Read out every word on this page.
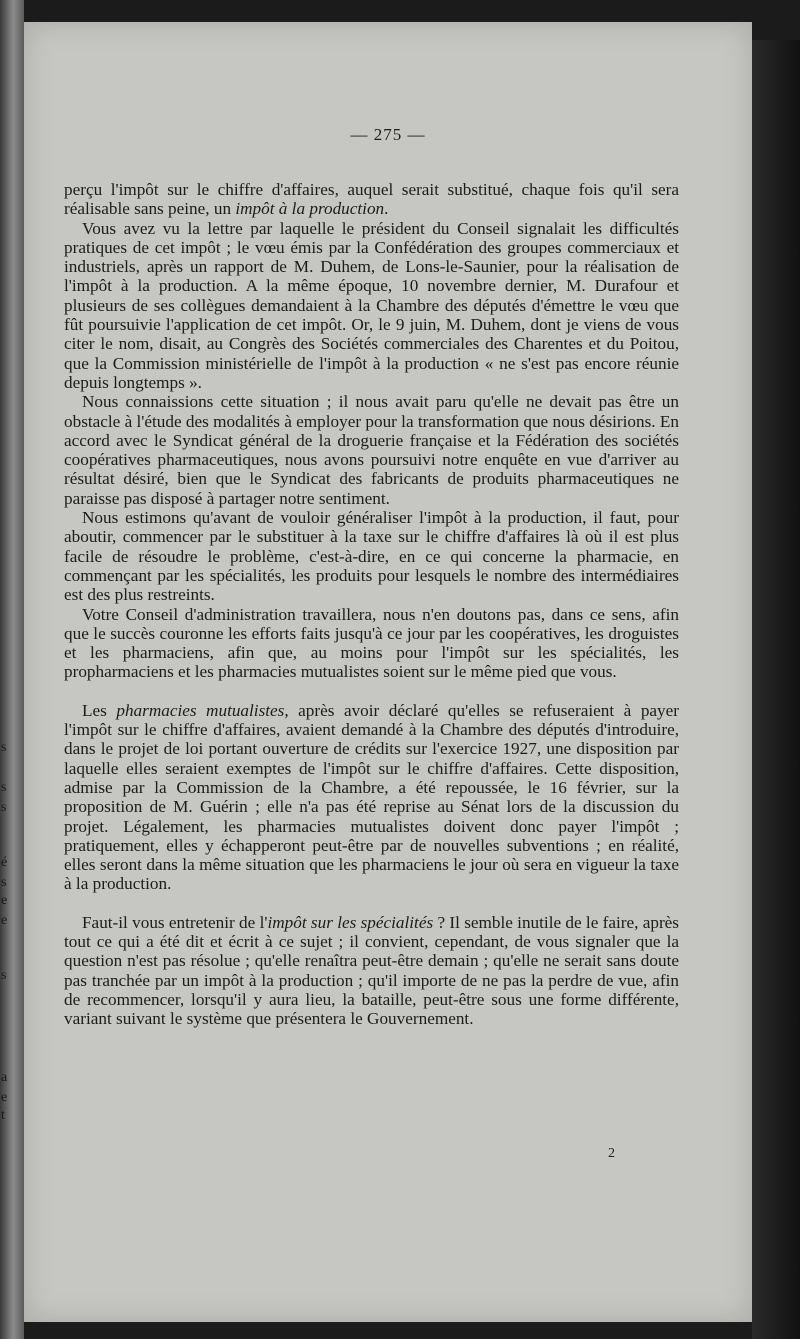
s
s
s
é
s
e
e
s
a
e
t
— 275 —

perçu l'impôt sur le chiffre d'affaires, auquel serait substitué, chaque fois qu'il sera réalisable sans peine, un impôt à la production.

Vous avez vu la lettre par laquelle le président du Conseil signalait les difficultés pratiques de cet impôt ; le vœu émis par la Confédération des groupes commerciaux et industriels, après un rapport de M. Duhem, de Lons-le-Saunier, pour la réalisation de l'impôt à la production. A la même époque, 10 novembre dernier, M. Durafour et plusieurs de ses collègues demandaient à la Chambre des députés d'émettre le vœu que fût poursuivie l'application de cet impôt. Or, le 9 juin, M. Duhem, dont je viens de vous citer le nom, disait, au Congrès des Sociétés commerciales des Charentes et du Poitou, que la Commission ministérielle de l'impôt à la production « ne s'est pas encore réunie depuis longtemps ».

Nous connaissions cette situation ; il nous avait paru qu'elle ne devait pas être un obstacle à l'étude des modalités à employer pour la transformation que nous désirions. En accord avec le Syndicat général de la droguerie française et la Fédération des sociétés coopératives pharmaceutiques, nous avons poursuivi notre enquête en vue d'arriver au résultat désiré, bien que le Syndicat des fabricants de produits pharmaceutiques ne paraisse pas disposé à partager notre sentiment.

Nous estimons qu'avant de vouloir généraliser l'impôt à la production, il faut, pour aboutir, commencer par le substituer à la taxe sur le chiffre d'affaires là où il est plus facile de résoudre le problème, c'est-à-dire, en ce qui concerne la pharmacie, en commençant par les spécialités, les produits pour lesquels le nombre des intermédiaires est des plus restreints.

Votre Conseil d'administration travaillera, nous n'en doutons pas, dans ce sens, afin que le succès couronne les efforts faits jusqu'à ce jour par les coopératives, les droguistes et les pharmaciens, afin que, au moins pour l'impôt sur les spécialités, les propharmaciens et les pharmacies mutualistes soient sur le même pied que vous.

Les pharmacies mutualistes, après avoir déclaré qu'elles se refuseraient à payer l'impôt sur le chiffre d'affaires, avaient demandé à la Chambre des députés d'introduire, dans le projet de loi portant ouverture de crédits sur l'exercice 1927, une disposition par laquelle elles seraient exemptes de l'impôt sur le chiffre d'affaires. Cette disposition, admise par la Commission de la Chambre, a été repoussée, le 16 février, sur la proposition de M. Guérin ; elle n'a pas été reprise au Sénat lors de la discussion du projet. Légalement, les pharmacies mutualistes doivent donc payer l'impôt ; pratiquement, elles y échapperont peut-être par de nouvelles subventions ; en réalité, elles seront dans la même situation que les pharmaciens le jour où sera en vigueur la taxe à la production.

Faut-il vous entretenir de l'impôt sur les spécialités ? Il semble inutile de le faire, après tout ce qui a été dit et écrit à ce sujet ; il convient, cependant, de vous signaler que la question n'est pas résolue ; qu'elle renaîtra peut-être demain ; qu'elle ne serait sans doute pas tranchée par un impôt à la production ; qu'il importe de ne pas la perdre de vue, afin de recommencer, lorsqu'il y aura lieu, la bataille, peut-être sous une forme différente, variant suivant le système que présentera le Gouvernement.

2
